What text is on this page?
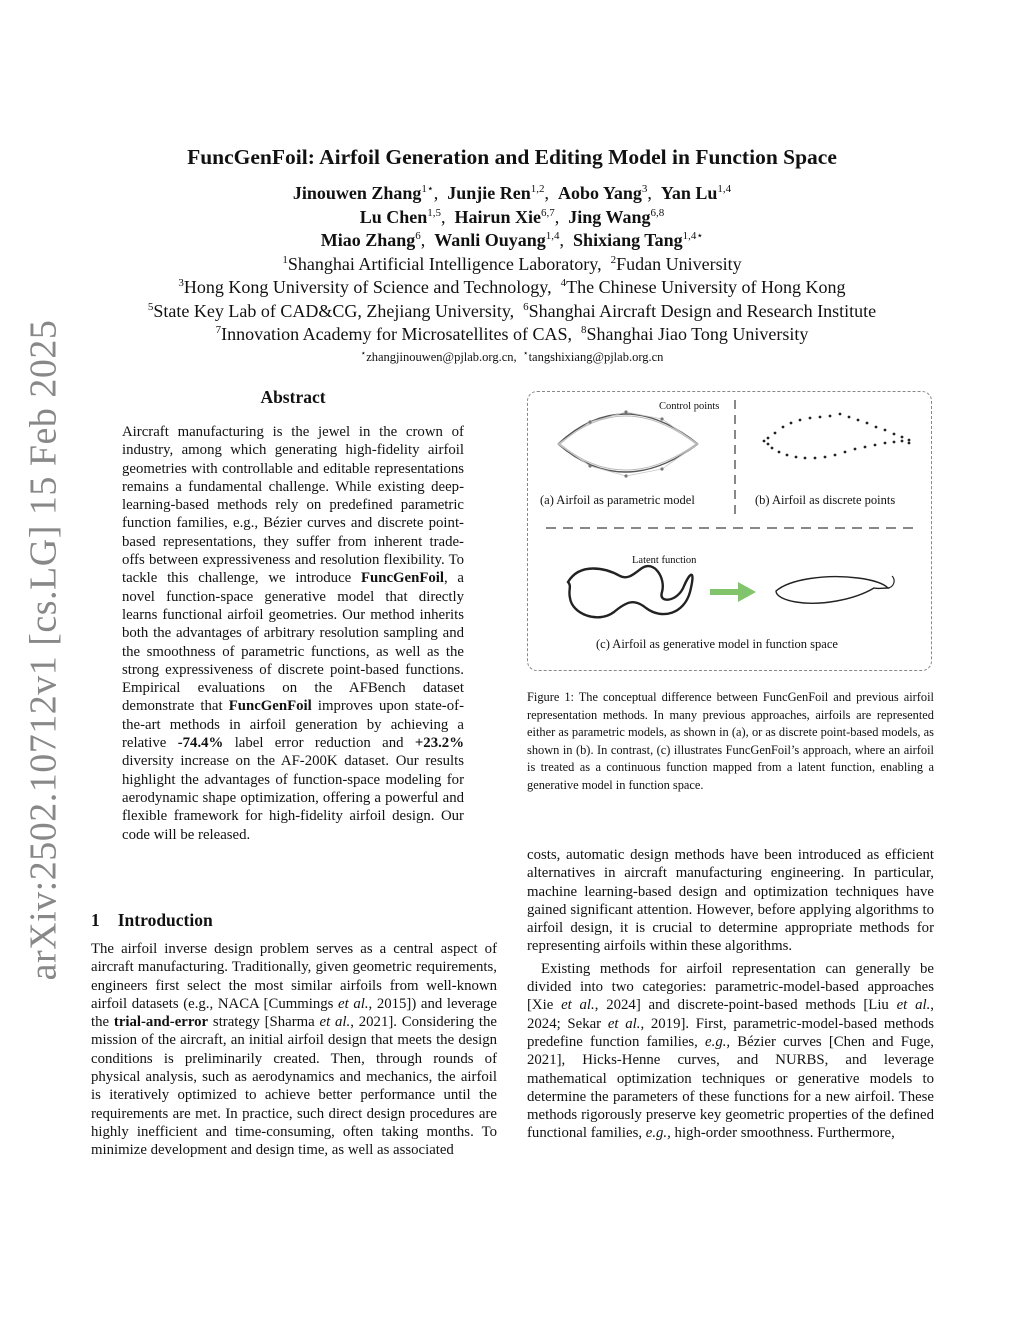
arXiv:2502.10712v1 [cs.LG] 15 Feb 2025
FuncGenFoil: Airfoil Generation and Editing Model in Function Space
Jinouwen Zhang$^{1⋆}$,  Junjie Ren$^{1,2}$,  Aobo Yang$^3$,  Yan Lu$^{1,4}$
Lu Chen$^{1,5}$,  Hairun Xie$^{6,7}$,  Jing Wang$^{6,8}$
Miao Zhang$^6$,  Wanli Ouyang$^{1,4}$,  Shixiang Tang$^{1,4⋆}$
$^1$Shanghai Artificial Intelligence Laboratory,  $^2$Fudan University
$^3$Hong Kong University of Science and Technology,  $^4$The Chinese University of Hong Kong
$^5$State Key Lab of CAD&CG, Zhejiang University,  $^6$Shanghai Aircraft Design and Research Institute
$^7$Innovation Academy for Microsatellites of CAS,  $^8$Shanghai Jiao Tong University
⋆zhangjinouwen@pjlab.org.cn,  ⋆tangshixiang@pjlab.org.cn
Abstract

Aircraft manufacturing is the jewel in the crown of industry, among which generating high-fidelity airfoil geometries with controllable and editable representations remains a fundamental challenge. While existing deep-learning-based methods rely on predefined parametric function families, e.g., Bézier curves and discrete point-based representations, they suffer from inherent trade-offs between expressiveness and resolution flexibility. To tackle this challenge, we introduce FuncGenFoil, a novel function-space generative model that directly learns functional airfoil geometries. Our method inherits both the advantages of arbitrary resolution sampling and the smoothness of parametric functions, as well as the strong expressiveness of discrete point-based functions. Empirical evaluations on the AFBench dataset demonstrate that FuncGenFoil improves upon state-of-the-art methods in airfoil generation by achieving a relative -74.4% label error reduction and +23.2% diversity increase on the AF-200K dataset. Our results highlight the advantages of function-space modeling for aerodynamic shape optimization, offering a powerful and flexible framework for high-fidelity airfoil design. Our code will be released.

1 Introduction

The airfoil inverse design problem serves as a central aspect of aircraft manufacturing. Traditionally, given geometric requirements, engineers first select the most similar airfoils from well-known airfoil datasets (e.g., NACA [Cummings et al., 2015]) and leverage the trial-and-error strategy [Sharma et al., 2021]. Considering the mission of the aircraft, an initial airfoil design that meets the design conditions is preliminarily created. Then, through rounds of physical analysis, such as aerodynamics and mechanics, the airfoil is iteratively optimized to achieve better performance until the requirements are met. In practice, such direct design procedures are highly inefficient and time-consuming, often taking months. To minimize development and design time, as well as associated

Control points
(a) Airfoil as parametric model	(b) Airfoil as discrete points
Latent function
(c) Airfoil as generative model in function space

Figure 1: The conceptual difference between FuncGenFoil and previous airfoil representation methods. In many previous approaches, airfoils are represented either as parametric models, as shown in (a), or as discrete point-based models, as shown in (b). In contrast, (c) illustrates FuncGenFoil’s approach, where an airfoil is treated as a continuous function mapped from a latent function, enabling a generative model in function space.

costs, automatic design methods have been introduced as efficient alternatives in aircraft manufacturing engineering. In particular, machine learning-based design and optimization techniques have gained significant attention. However, before applying algorithms to airfoil design, it is crucial to determine appropriate methods for representing airfoils within these algorithms.

Existing methods for airfoil representation can generally be divided into two categories: parametric-model-based approaches [Xie et al., 2024] and discrete-point-based methods [Liu et al., 2024; Sekar et al., 2019]. First, parametric-model-based methods predefine function families, e.g., Bézier curves [Chen and Fuge, 2021], Hicks-Henne curves, and NURBS, and leverage mathematical optimization techniques or generative models to determine the parameters of these functions for a new airfoil. These methods rigorously preserve key geometric properties of the defined functional families, e.g., high-order smoothness. Furthermore,
